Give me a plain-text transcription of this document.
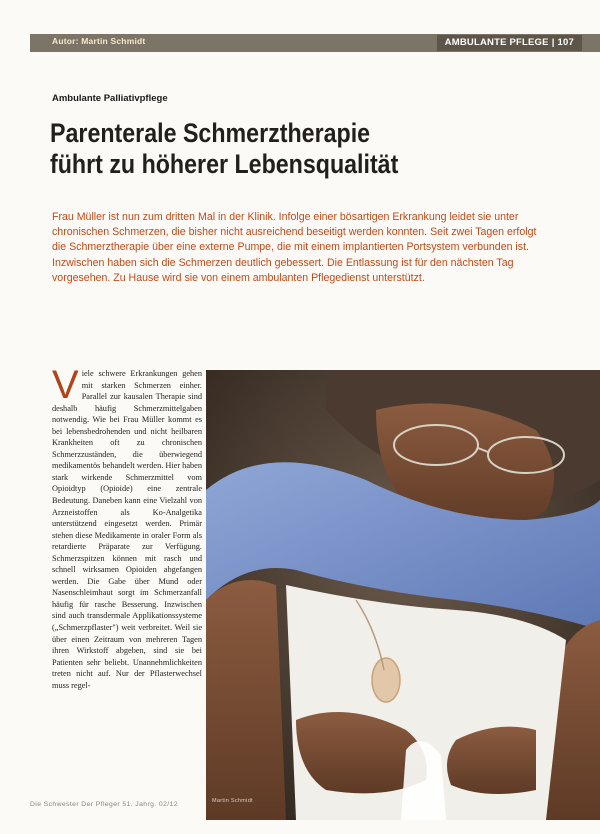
Autor: Martin Schmidt	AMBULANTE PFLEGE | 107
Ambulante Palliativpflege
Parenterale Schmerztherapie
führt zu höherer Lebensqualität

Frau Müller ist nun zum dritten Mal in der Klinik. Infolge einer bösartigen Erkrankung leidet sie unter chronischen Schmerzen, die bisher nicht ausreichend beseitigt werden konnten. Seit zwei Tagen erfolgt die Schmerztherapie über eine externe Pumpe, die mit einem implantierten Portsystem verbunden ist. Inzwischen haben sich die Schmerzen deutlich gebessert. Die Entlassung ist für den nächsten Tag vorgesehen. Zu Hause wird sie von einem ambulanten Pflegedienst unterstützt.

Viele schwere Erkrankungen gehen mit starken Schmerzen einher. Parallel zur kausalen Therapie sind deshalb häufig Schmerzmittelgaben notwendig. Wie bei Frau Müller kommt es bei lebensbedrohenden und nicht heilbaren Krankheiten oft zu chronischen Schmerzzuständen, die überwiegend medikamentös behandelt werden. Hier haben stark wirkende Schmerzmittel vom Opioidtyp (Opioide) eine zentrale Bedeutung. Daneben kann eine Vielzahl von Arzneistoffen als Ko-Analgetika unterstützend eingesetzt werden. Primär stehen diese Medikamente in oraler Form als retardierte Präparate zur Verfügung. Schmerzspitzen können mit rasch und schnell wirksamen Opioiden abgefangen werden. Die Gabe über Mund oder Nasenschleimhaut sorgt im Schmerzanfall häufig für rasche Besserung. Inzwischen sind auch transdermale Applikationssysteme („Schmerzpflaster") weit verbreitet. Weil sie über einen Zeitraum von mehreren Tagen ihren Wirkstoff abgeben, sind sie bei Patienten sehr beliebt. Unannehmlichkeiten treten nicht auf. Nur der Pflasterwechsel muss regel-

Martin Schmidt
Die Schwester Der Pfleger 51. Jahrg. 02/12
